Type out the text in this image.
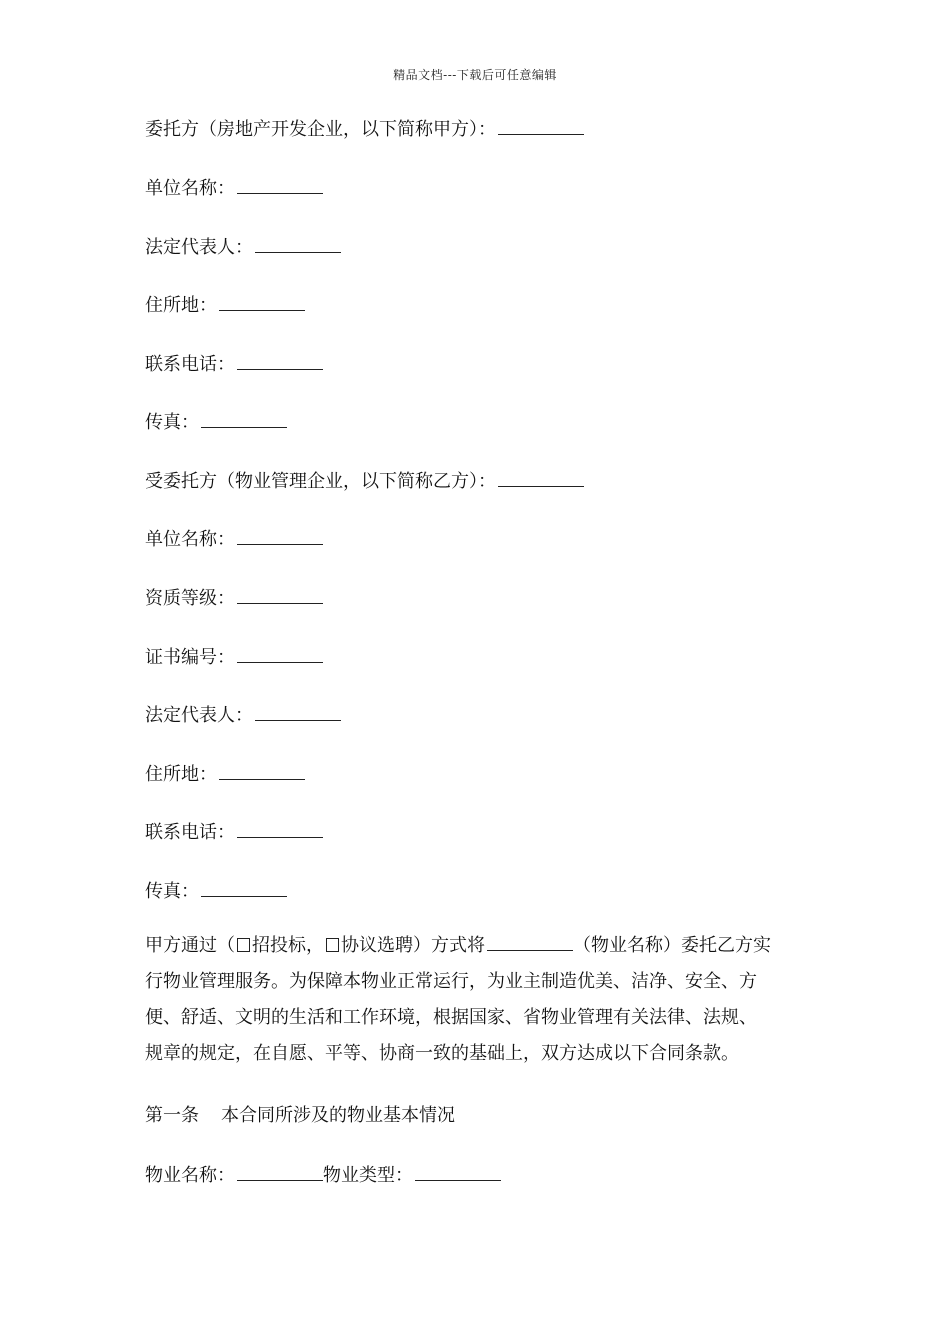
精品文档---下载后可任意编辑
委托方（房地产开发企业，以下简称甲方）：
单位名称：
法定代表人：
住所地：
联系电话：
传真：
受委托方（物业管理企业，以下简称乙方）：
单位名称：
资质等级：
证书编号：
法定代表人：
住所地：
联系电话：
传真：
甲方通过（ 招投标， 协议选聘）方式将	（物业名称）委托乙方实
行物业管理服务。为保障本物业正常运行，为业主制造优美、洁净、安全、方
便、舒适、文明的生活和工作环境，根据国家、省物业管理有关法律、法规、
规章的规定，在自愿、平等、协商一致的基础上，双方达成以下合同条款。
第一条 本合同所涉及的物业基本情况
物业名称：	物业类型：
